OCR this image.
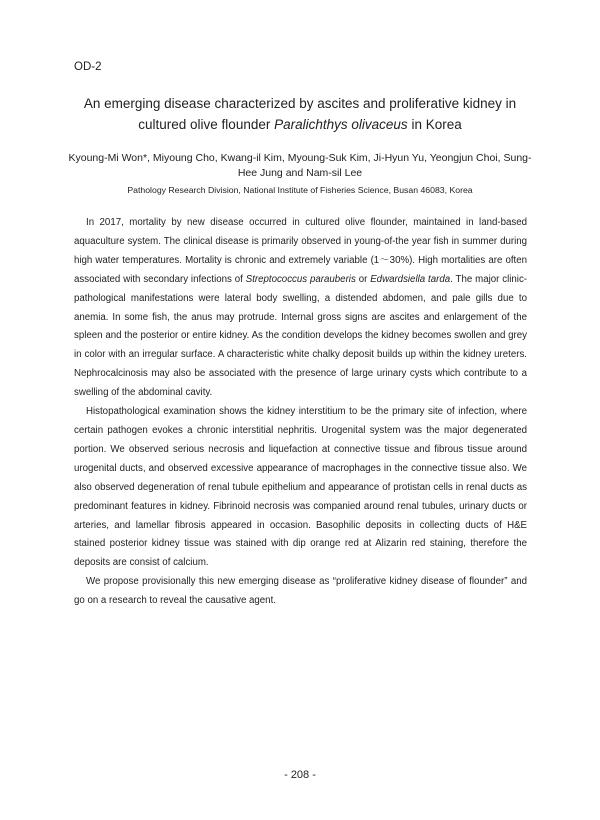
OD-2
An emerging disease characterized by ascites and proliferative kidney in
cultured olive flounder Paralichthys olivaceus in Korea
Kyoung-Mi Won*, Miyoung Cho, Kwang-il Kim, Myoung-Suk Kim, Ji-Hyun Yu, Yeongjun Choi, Sung-Hee Jung and Nam-sil Lee
Pathology Research Division, National Institute of Fisheries Science, Busan 46083, Korea

In 2017, mortality by new disease occurred in cultured olive flounder, maintained in land-based aquaculture system. The clinical disease is primarily observed in young-of-the year fish in summer during high water temperatures. Mortality is chronic and extremely variable (1～30%). High mortalities are often associated with secondary infections of Streptococcus parauberis or Edwardsiella tarda. The major clinic-pathological manifestations were lateral body swelling, a distended abdomen, and pale gills due to anemia. In some fish, the anus may protrude. Internal gross signs are ascites and enlargement of the spleen and the posterior or entire kidney. As the condition develops the kidney becomes swollen and grey in color with an irregular surface. A characteristic white chalky deposit builds up within the kidney ureters. Nephrocalcinosis may also be associated with the presence of large urinary cysts which contribute to a swelling of the abdominal cavity.

Histopathological examination shows the kidney interstitium to be the primary site of infection, where certain pathogen evokes a chronic interstitial nephritis. Urogenital system was the major degenerated portion. We observed serious necrosis and liquefaction at connective tissue and fibrous tissue around urogenital ducts, and observed excessive appearance of macrophages in the connective tissue also. We also observed degeneration of renal tubule epithelium and appearance of protistan cells in renal ducts as predominant features in kidney. Fibrinoid necrosis was companied around renal tubules, urinary ducts or arteries, and lamellar fibrosis appeared in occasion. Basophilic deposits in collecting ducts of H&E stained posterior kidney tissue was stained with dip orange red at Alizarin red staining, therefore the deposits are consist of calcium.

We propose provisionally this new emerging disease as “proliferative kidney disease of flounder” and go on a research to reveal the causative agent.

- 208 -
